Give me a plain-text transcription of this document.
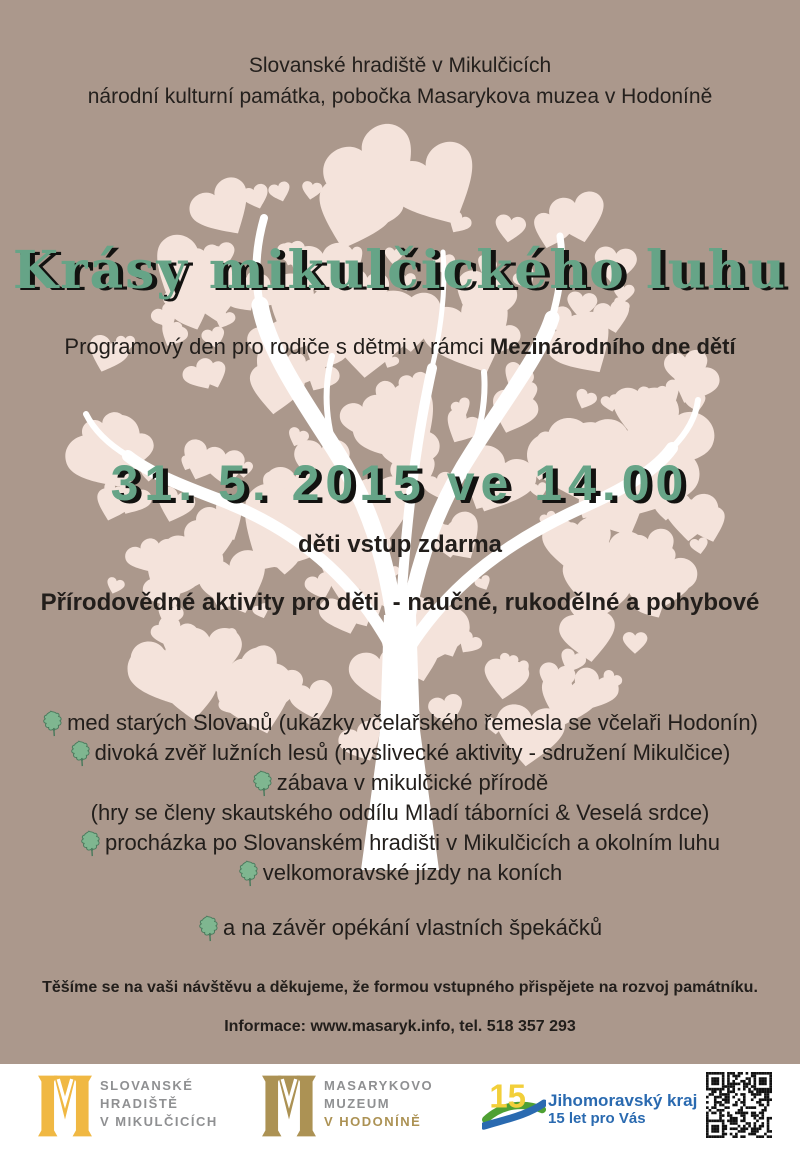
Slovanské hradiště v Mikulčicích
národní kulturní památka, pobočka Masarykova muzea v Hodoníně
Krásy mikulčického luhu
Programový den pro rodiče s dětmi v rámci Mezinárodního dne dětí
31. 5. 2015 ve 14.00
děti vstup zdarma
Přírodovědné aktivity pro děti  - naučné, rukodělné a pohybové
med starých Slovanů (ukázky včelařského řemesla se včelaři Hodonín)
divoká zvěř lužních lesů (myslivecké aktivity - sdružení Mikulčice)
zábava v mikulčické přírodě
(hry se členy skautského oddílu Mladí táborníci & Veselá srdce)
procházka po Slovanském hradišti v Mikulčicích a okolním luhu
velkomoravské jízdy na koních
a na závěr opékání vlastních špekáčků
Těšíme se na vaši návštěvu a děkujeme, že formou vstupného přispějete na rozvoj památníku.
Informace: www.masaryk.info, tel. 518 357 293
SLOVANSKÉ
HRADIŠTĚ
V MIKULČICÍCH
MASARYKOVO
MUZEUM
V HODONÍNĚ
15 Jihomoravský kraj
15 let pro Vás
